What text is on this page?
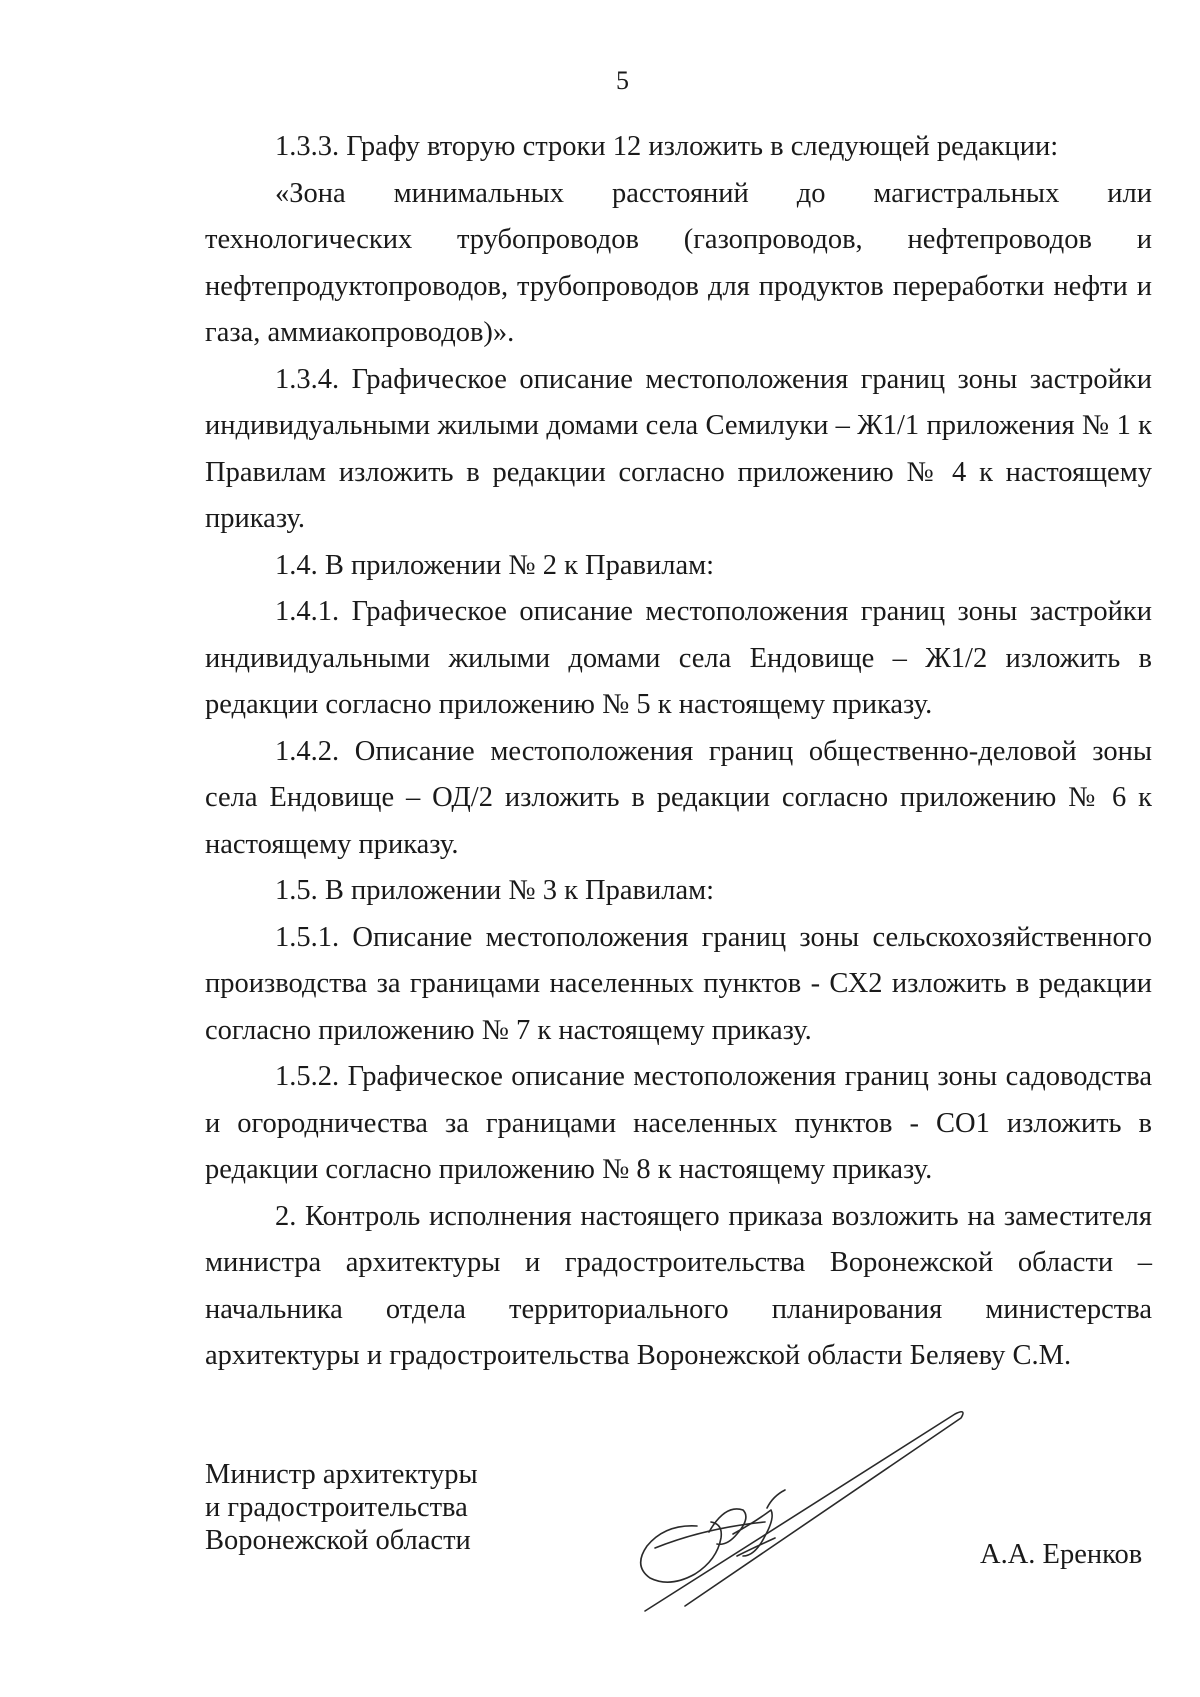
5

1.3.3. Графу вторую строки 12 изложить в следующей редакции:

«Зона минимальных расстояний до магистральных или технологических трубопроводов (газопроводов, нефтепроводов и нефтепродуктопроводов, трубопроводов для продуктов переработки нефти и газа, аммиакопроводов)».

1.3.4. Графическое описание местоположения границ зоны застройки индивидуальными жилыми домами села Семилуки – Ж1/1 приложения № 1 к Правилам изложить в редакции согласно приложению № 4 к настоящему приказу.

1.4. В приложении № 2 к Правилам:

1.4.1. Графическое описание местоположения границ зоны застройки индивидуальными жилыми домами села Ендовище – Ж1/2 изложить в редакции согласно приложению № 5 к настоящему приказу.

1.4.2. Описание местоположения границ общественно-деловой зоны села Ендовище – ОД/2 изложить в редакции согласно приложению № 6 к настоящему приказу.

1.5. В приложении № 3 к Правилам:

1.5.1. Описание местоположения границ зоны сельскохозяйственного производства за границами населенных пунктов - СХ2 изложить в редакции согласно приложению № 7 к настоящему приказу.

1.5.2. Графическое описание местоположения границ зоны садоводства и огородничества за границами населенных пунктов - СО1 изложить в редакции согласно приложению № 8 к настоящему приказу.

2. Контроль исполнения настоящего приказа возложить на заместителя министра архитектуры и градостроительства Воронежской области – начальника отдела территориального планирования министерства архитектуры и градостроительства Воронежской области Беляеву С.М.

Министр архитектуры
и градостроительства
Воронежской области	А.А. Еренков
